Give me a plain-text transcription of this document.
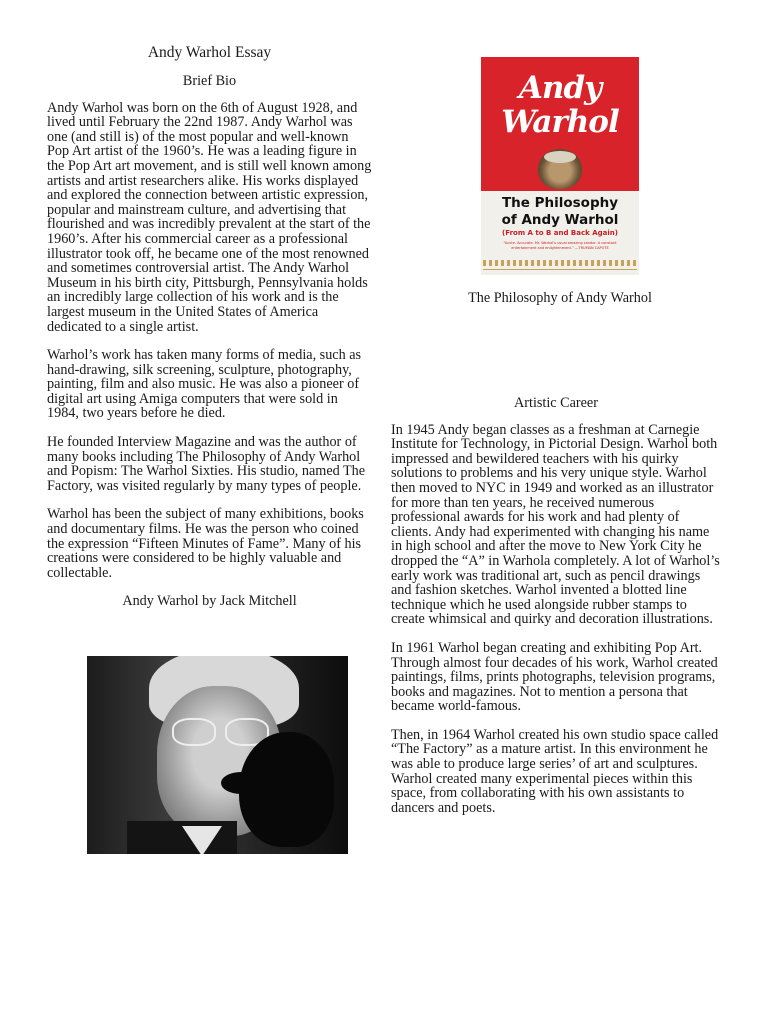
Andy Warhol Essay
Brief Bio

Andy Warhol was born on the 6th of August 1928, and lived until February the 22nd 1987. Andy Warhol was one (and still is) of the most popular and well-known Pop Art artist of the 1960’s. He was a leading figure in the Pop Art art movement, and is still well known among artists and artist researchers alike. His works displayed and explored the connection between artistic expression, popular and mainstream culture, and advertising that flourished and was incredibly prevalent at the start of the 1960’s. After his commercial career as a professional illustrator took off, he became one of the most renowned and sometimes controversial artist. The Andy Warhol Museum in his birth city, Pittsburgh, Pennsylvania holds an incredibly large collection of his work and is the largest museum in the United States of America dedicated to a single artist.

Warhol’s work has taken many forms of media, such as hand-drawing, silk screening, sculpture, photography, painting, film and also music. He was also a pioneer of digital art using Amiga computers that were sold in 1984, two years before he died.

He founded Interview Magazine and was the author of many books including The Philosophy of Andy Warhol and Popism: The Warhol Sixties. His studio, named The Factory, was visited regularly by many types of people.

Warhol has been the subject of many exhibitions, books and documentary films. He was the person who coined the expression “Fifteen Minutes of Fame”. Many of his creations were considered to be highly valuable and collectable.

Andy Warhol by Jack Mitchell
Andy
Warhol
The Philosophy
of Andy Warhol
(From A to B and Back Again)
“Acute. Accurate. Mr. Warhol's usual amazing candor. A constant entertainment and enlightenment.” —TRUMAN CAPOTE
The Philosophy of Andy Warhol
Artistic Career

In 1945 Andy began classes as a freshman at Carnegie Institute for Technology, in Pictorial Design. Warhol both impressed and bewildered teachers with his quirky solutions to problems and his very unique style. Warhol then moved to NYC in 1949 and worked as an illustrator for more than ten years, he received numerous professional awards for his work and had plenty of clients. Andy had experimented with changing his name in high school and after the move to New York City he dropped the “A” in Warhola completely. A lot of Warhol’s early work was traditional art, such as pencil drawings and fashion sketches. Warhol invented a blotted line technique which he used alongside rubber stamps to create whimsical and quirky and decoration illustrations.

In 1961 Warhol began creating and exhibiting Pop Art. Through almost four decades of his work, Warhol created paintings, films, prints photographs, television programs, books and magazines. Not to mention a persona that became world-famous.

Then, in 1964 Warhol created his own studio space called “The Factory” as a mature artist. In this environment he was able to produce large series’ of art and sculptures. Warhol created many experimental pieces within this space, from collaborating with his own assistants to dancers and poets.
